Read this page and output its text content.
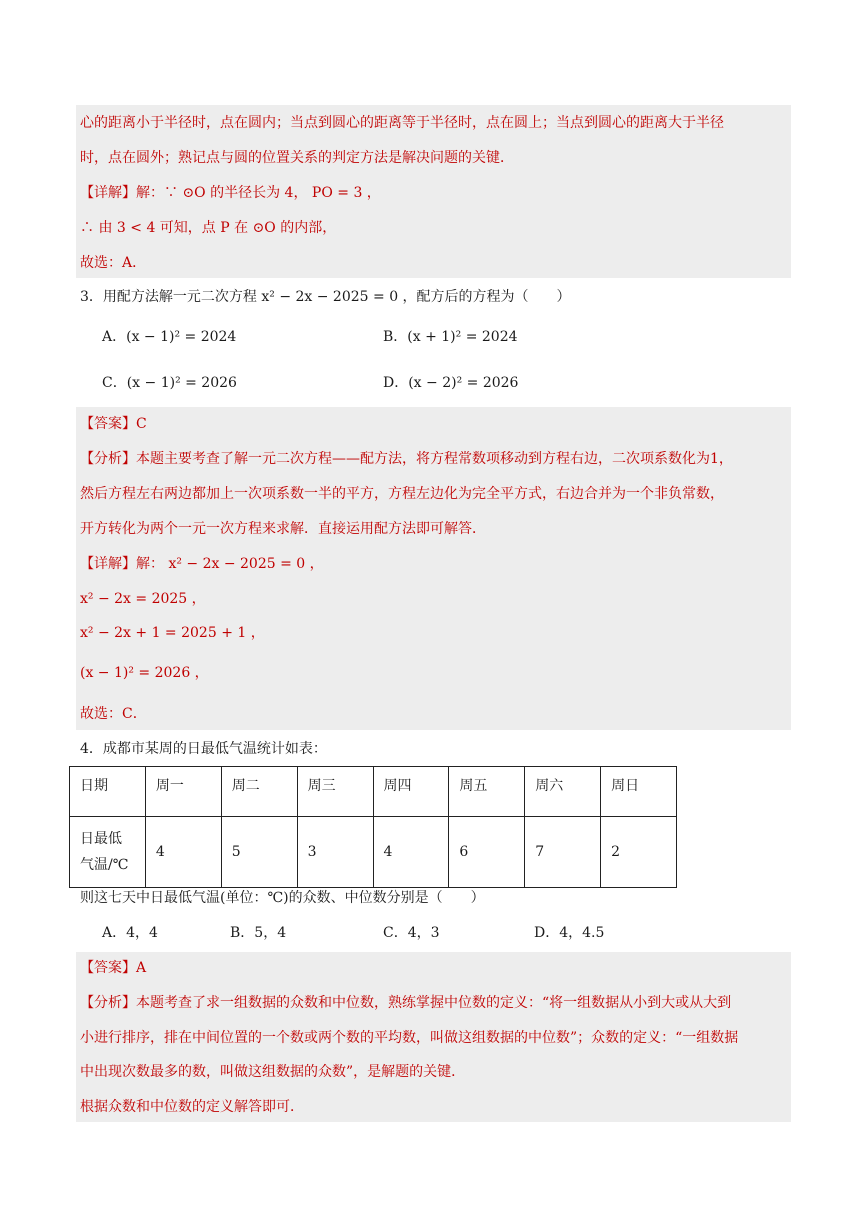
心的距离小于半径时，点在圆内；当点到圆心的距离等于半径时，点在圆上；当点到圆心的距离大于半径
时，点在圆外；熟记点与圆的位置关系的判定方法是解决问题的关键．
【详解】解：∵ ⊙O 的半径长为 4， PO = 3 ，
∴ 由 3 < 4 可知，点 P 在 ⊙O 的内部，
故选：A．
3．用配方法解一元二次方程 x² − 2x − 2025 = 0 ，配方后的方程为（　　）
A．(x − 1)² = 2024	B．(x + 1)² = 2024
C．(x − 1)² = 2026	D．(x − 2)² = 2026
【答案】C
【分析】本题主要考查了解一元二次方程——配方法，将方程常数项移动到方程右边，二次项系数化为1，
然后方程左右两边都加上一次项系数一半的平方，方程左边化为完全平方式，右边合并为一个非负常数，
开方转化为两个一元一次方程来求解．直接运用配方法即可解答．
【详解】解： x² − 2x − 2025 = 0 ，
x² − 2x = 2025 ，
x² − 2x + 1 = 2025 + 1 ，
(x − 1)² = 2026 ，
故选：C．
4．成都市某周的日最低气温统计如表：
日期	周一	周二	周三	周四	周五	周六	周日

日最低
气温/℃	4	5	3	4	6	7	2
则这七天中日最低气温(单位：℃)的众数、中位数分别是（　　）
A．4，4	B．5，4	C．4，3	D．4，4.5
【答案】A
【分析】本题考查了求一组数据的众数和中位数，熟练掌握中位数的定义：“将一组数据从小到大或从大到
小进行排序，排在中间位置的一个数或两个数的平均数，叫做这组数据的中位数”；众数的定义：“一组数据
中出现次数最多的数，叫做这组数据的众数”，是解题的关键．
根据众数和中位数的定义解答即可．
